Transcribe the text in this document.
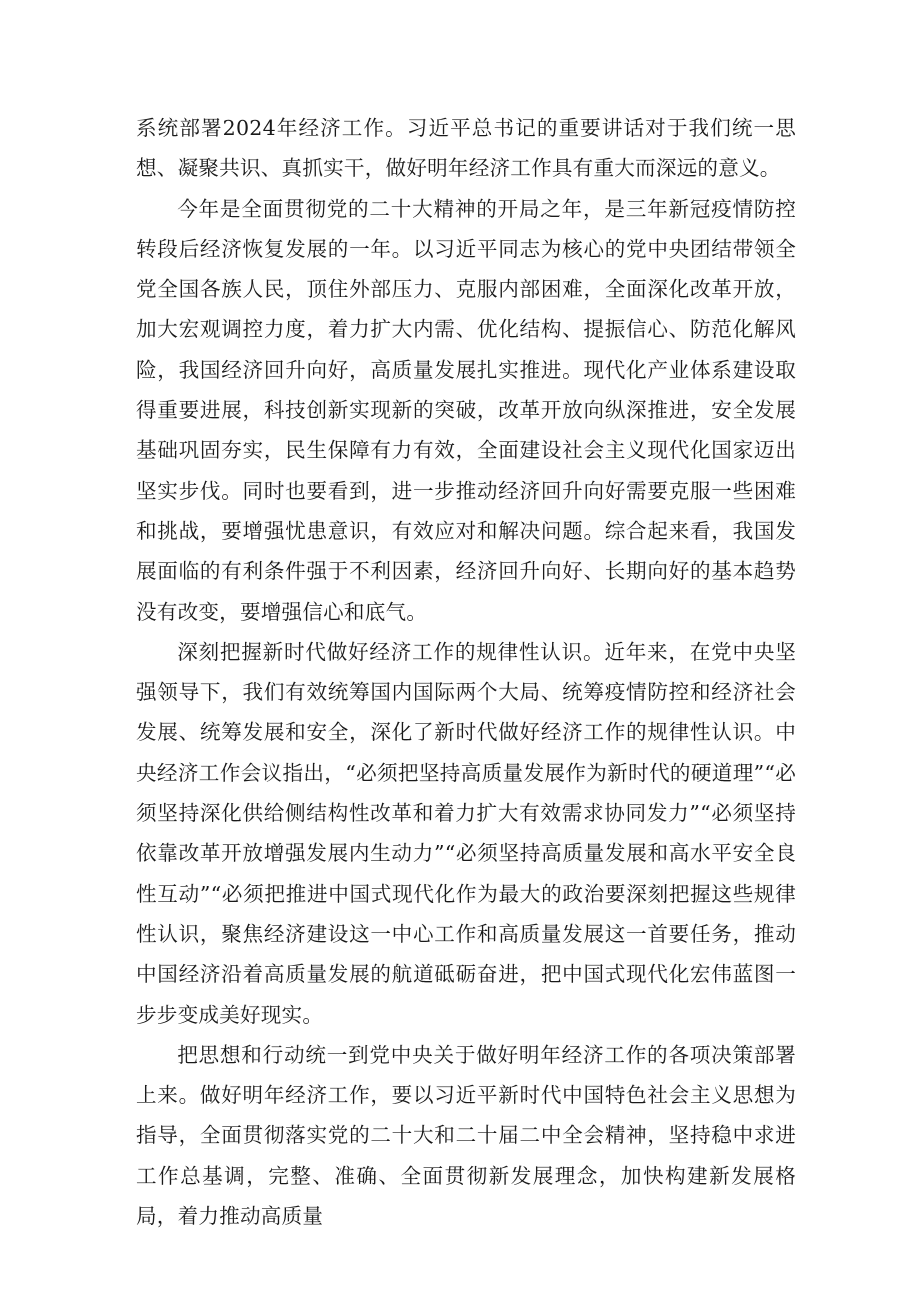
系统部署2024年经济工作。习近平总书记的重要讲话对于我们统一思想、凝聚共识、真抓实干，做好明年经济工作具有重大而深远的意义。

今年是全面贯彻党的二十大精神的开局之年，是三年新冠疫情防控转段后经济恢复发展的一年。以习近平同志为核心的党中央团结带领全党全国各族人民，顶住外部压力、克服内部困难，全面深化改革开放，加大宏观调控力度，着力扩大内需、优化结构、提振信心、防范化解风险，我国经济回升向好，高质量发展扎实推进。现代化产业体系建设取得重要进展，科技创新实现新的突破，改革开放向纵深推进，安全发展基础巩固夯实，民生保障有力有效，全面建设社会主义现代化国家迈出坚实步伐。同时也要看到，进一步推动经济回升向好需要克服一些困难和挑战，要增强忧患意识，有效应对和解决问题。综合起来看，我国发展面临的有利条件强于不利因素，经济回升向好、长期向好的基本趋势没有改变，要增强信心和底气。

深刻把握新时代做好经济工作的规律性认识。近年来，在党中央坚强领导下，我们有效统筹国内国际两个大局、统筹疫情防控和经济社会发展、统筹发展和安全，深化了新时代做好经济工作的规律性认识。中央经济工作会议指出，“必须把坚持高质量发展作为新时代的硬道理”“必须坚持深化供给侧结构性改革和着力扩大有效需求协同发力”“必须坚持依靠改革开放增强发展内生动力”“必须坚持高质量发展和高水平安全良性互动”“必须把推进中国式现代化作为最大的政治要深刻把握这些规律性认识，聚焦经济建设这一中心工作和高质量发展这一首要任务，推动中国经济沿着高质量发展的航道砥砺奋进，把中国式现代化宏伟蓝图一步步变成美好现实。

把思想和行动统一到党中央关于做好明年经济工作的各项决策部署上来。做好明年经济工作，要以习近平新时代中国特色社会主义思想为指导，全面贯彻落实党的二十大和二十届二中全会精神，坚持稳中求进工作总基调，完整、准确、全面贯彻新发展理念，加快构建新发展格局，着力推动高质量
